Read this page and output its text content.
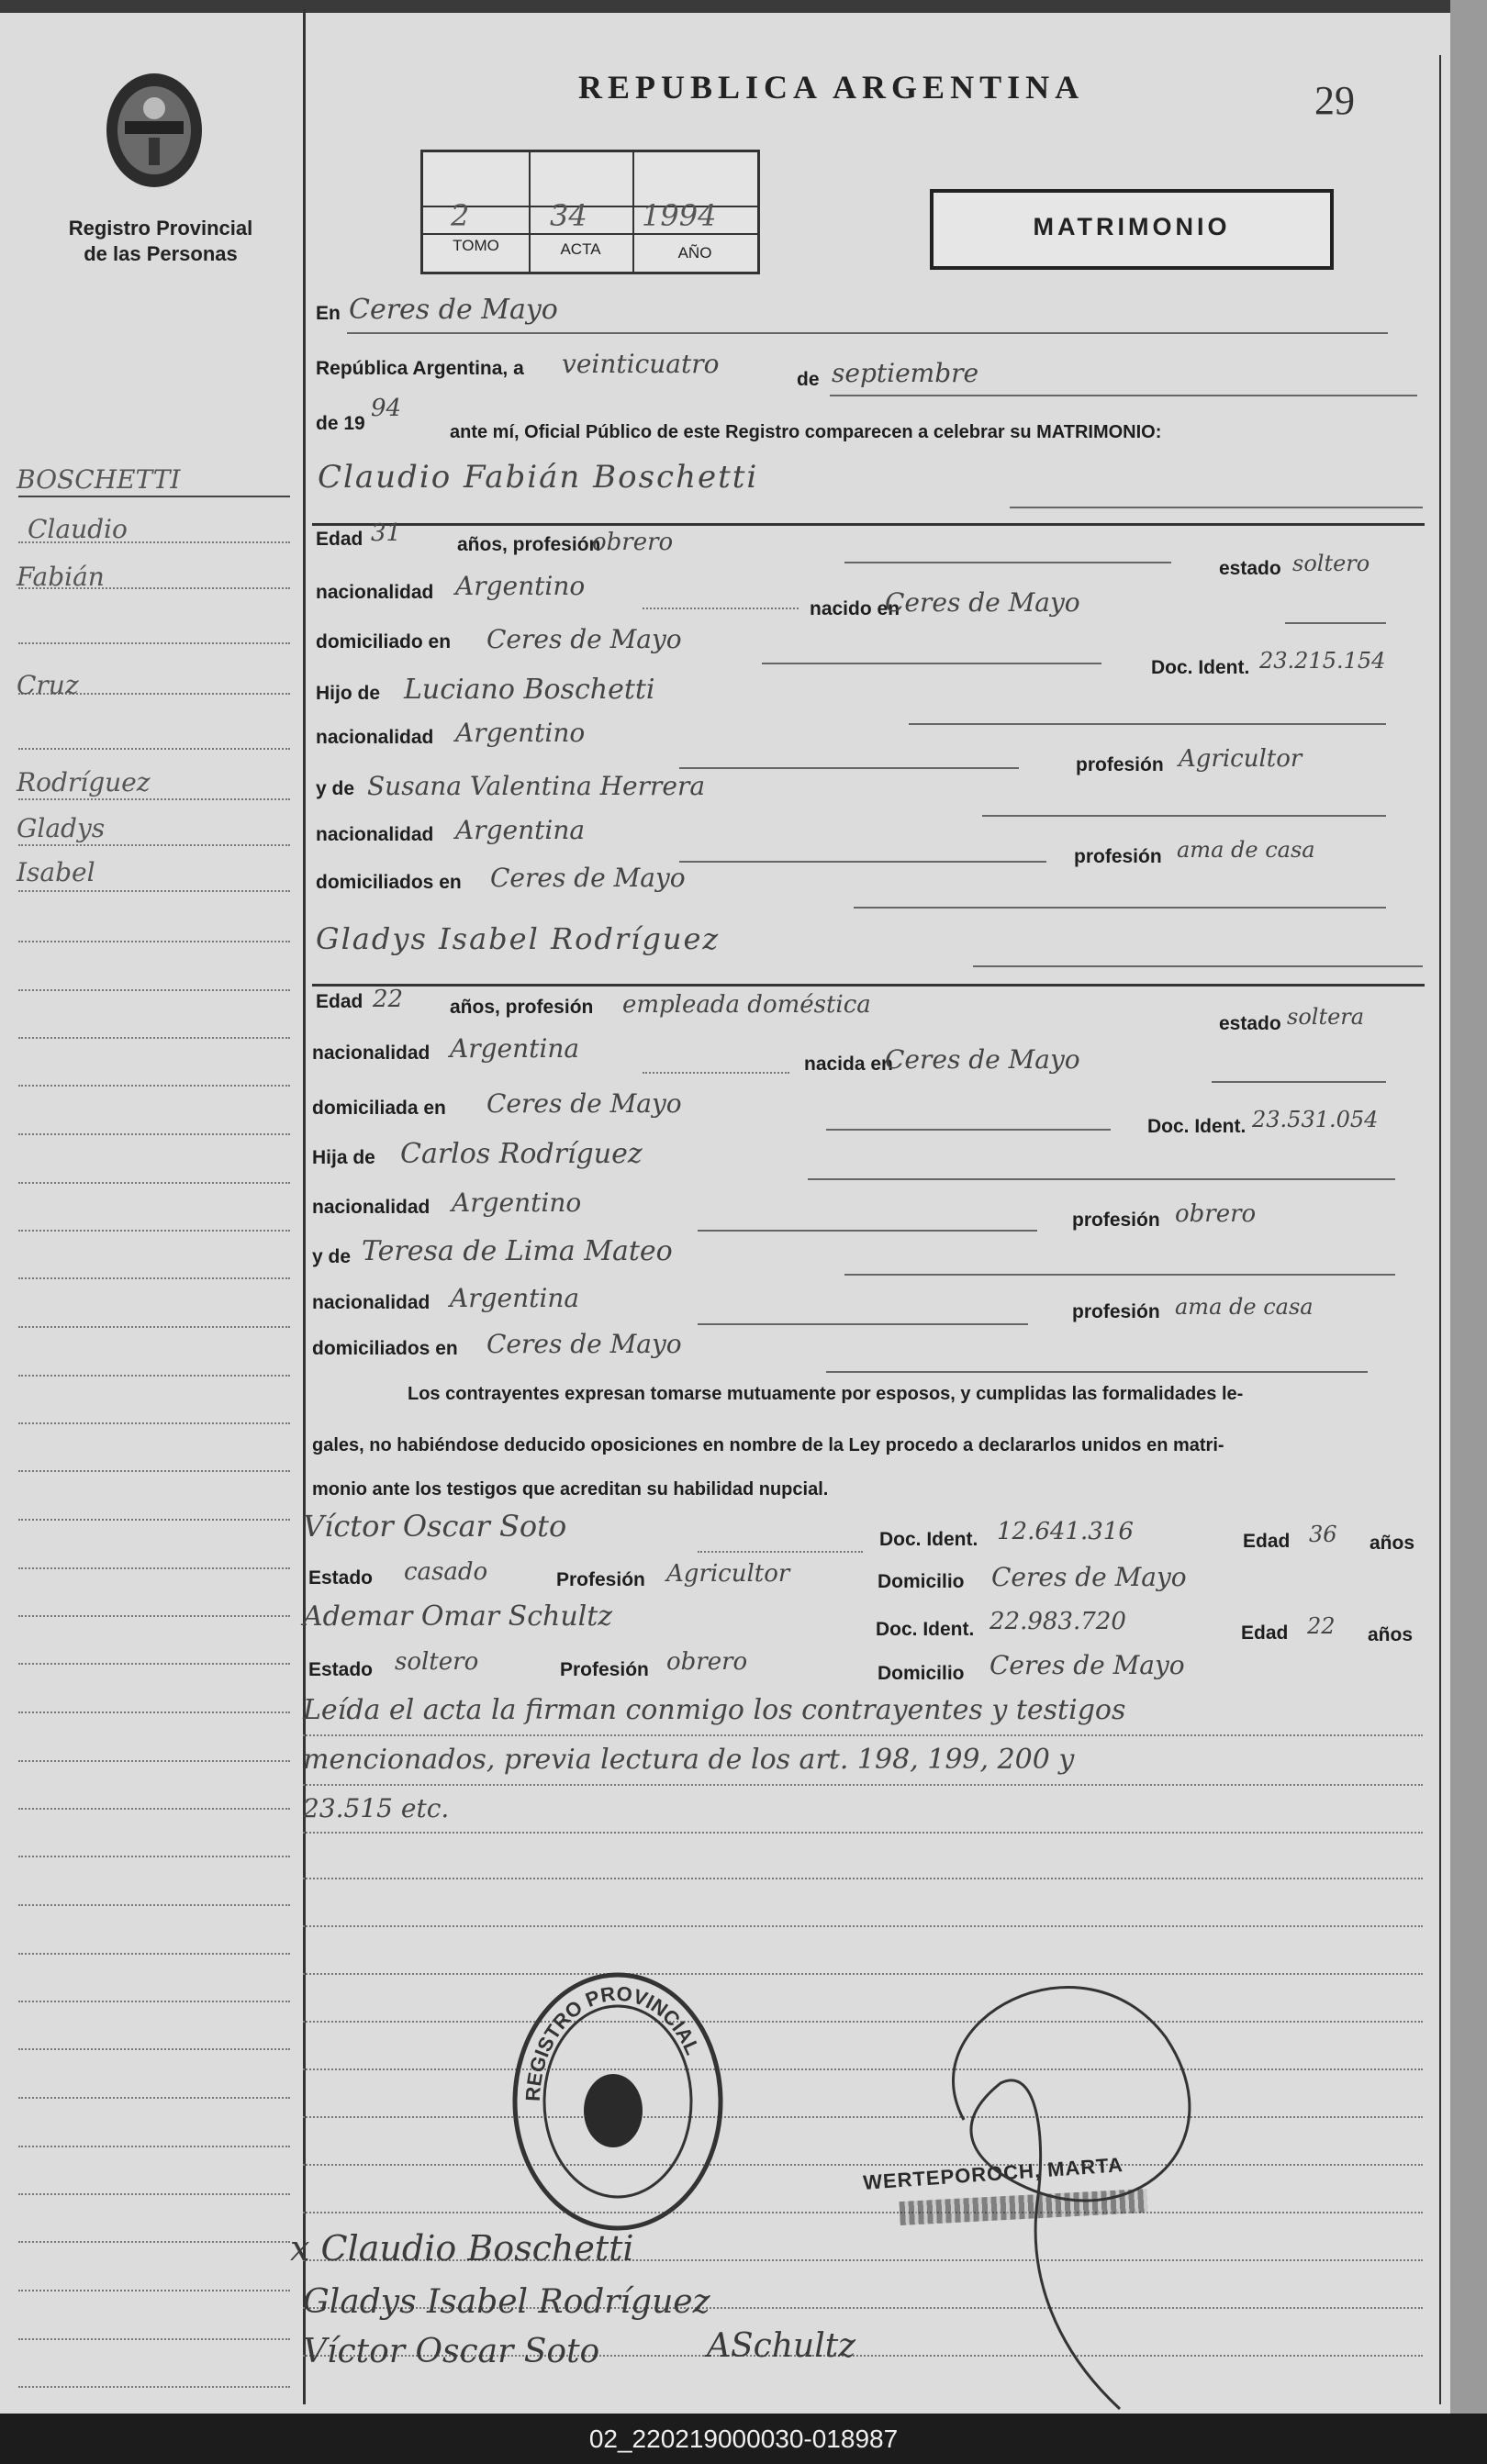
Registro Provincial
de las Personas
REPUBLICA ARGENTINA	29
2	34 1994
TOMO	ACTA	AÑO
MATRIMONIO
BOSCHETTI
Claudio
Fabián
Cruz
Rodríguez
Gladys
Isabel
En Ceres de Mayo
República Argentina, a veinticuatro
de septiembre
de 19
94
ante mí, Oficial Público de este Registro comparecen a celebrar su MATRIMONIO:
Claudio Fabián Boschetti
Edad 31	años, profesión
obrero
estado soltero
nacionalidad Argentino
nacido en
Ceres de Mayo
domiciliado en Ceres de Mayo
Doc. Ident. 23.215.154
Hijo de Luciano Boschetti
nacionalidad Argentino
profesión Agricultor
y de Susana Valentina Herrera
nacionalidad Argentina
profesión ama de casa
domiciliados en Ceres de Mayo
Gladys Isabel Rodríguez
Edad 22 años, profesión empleada doméstica
estado soltera
nacionalidad Argentina
nacida en
Ceres de Mayo
domiciliada en Ceres de Mayo
Doc. Ident. 23.531.054
Hija de Carlos Rodríguez
nacionalidad Argentino
profesión obrero
y de Teresa de Lima Mateo
nacionalidad Argentina	profesión ama de casa
domiciliados en Ceres de Mayo
Los contrayentes expresan tomarse mutuamente por esposos, y cumplidas las formalidades le-
gales, no habiéndose deducido oposiciones en nombre de la Ley procedo a declararlos unidos en matri-
monio ante los testigos que acreditan su habilidad nupcial.
Víctor Oscar Soto	Doc. Ident. 12.641.316	Edad 36 años
Estado casado	Profesión Agricultor	Domicilio Ceres de Mayo
Ademar Omar Schultz	Doc. Ident. 22.983.720	Edad 22 años
Estado soltero	Profesión obrero	Domicilio Ceres de Mayo
Leída el acta la firman conmigo los contrayentes y testigos
mencionados, previa lectura de los art. 198, 199, 200 y
23.515 etc.
REGISTRO PROVINCIAL
WERTEPOROCH, MARTA
x Claudio Boschetti
Gladys Isabel Rodríguez
Víctor Oscar Soto	ASchultz
02_220219000030-018987
